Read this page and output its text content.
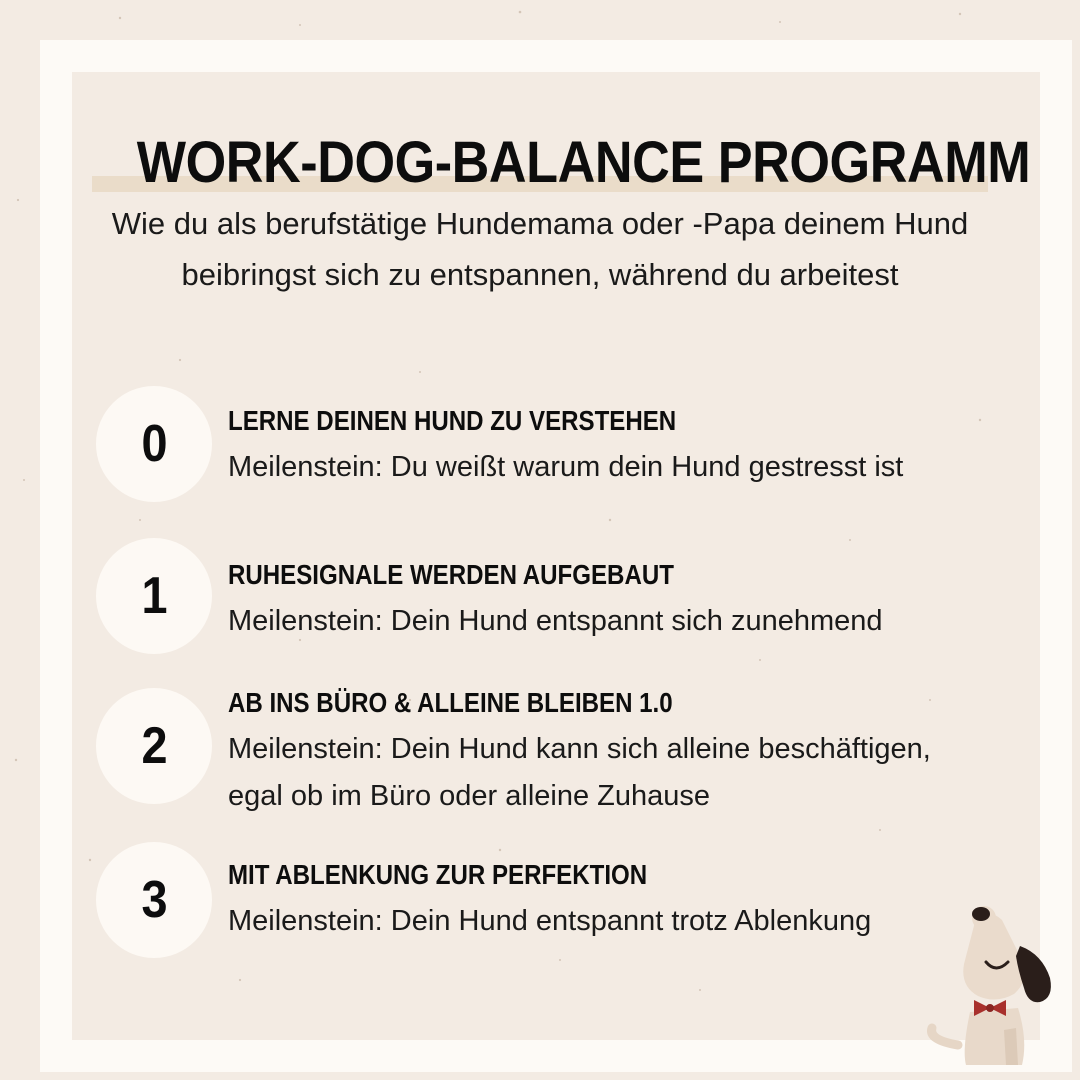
WORK-DOG-BALANCE PROGRAMM
Wie du als berufstätige Hundemama oder -Papa deinem Hund beibringst sich zu entspannen, während du arbeitest
0 LERNE DEINEN HUND ZU VERSTEHEN
Meilenstein: Du weißt warum dein Hund gestresst ist
1 RUHESIGNALE WERDEN AUFGEBAUT
Meilenstein: Dein Hund entspannt sich zunehmend
2
AB INS BÜRO & ALLEINE BLEIBEN 1.0
Meilenstein: Dein Hund kann sich alleine beschäftigen, egal ob im Büro oder alleine Zuhause
3 MIT ABLENKUNG ZUR PERFEKTION
Meilenstein: Dein Hund entspannt trotz Ablenkung
